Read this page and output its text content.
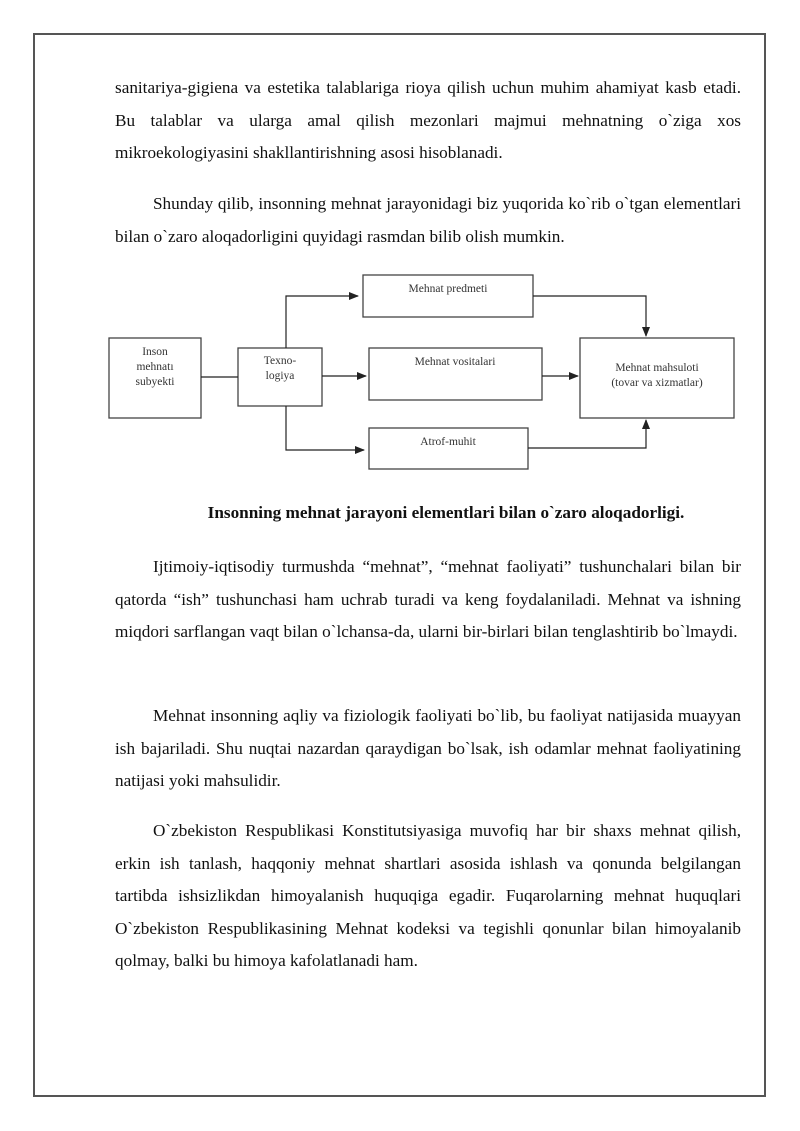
sanitariya-gigiena va estetika talablariga rioya qilish uchun muhim ahamiyat kasb etadi. Bu talablar va ularga amal qilish mezonlari majmui mehnatning o`ziga xos mikroekologiyasini shakllantirishning asosi hisoblanadi.

Shunday qilib, insonning mehnat jarayonidagi biz yuqorida ko`rib o`tgan elementlari bilan o`zaro aloqadorligini quyidagi rasmdan bilib olish mumkin.

Inson
mehnatı
subyekti
Texno-
logiya
Mehnat predmeti
Mehnat vositalari
Atrof-muhit
Mehnat mahsuloti
(tovar va xizmatlar)
Insonning mehnat jarayoni elementlari bilan o`zaro aloqadorligi.

Ijtimoiy-iqtisodiy turmushda “mehnat”, “mehnat faoliyati” tushunchalari bilan bir qatorda “ish” tushunchasi ham uchrab turadi va keng foydalaniladi. Mehnat va ishning miqdori sarflangan vaqt bilan o`lchansa-da, ularni bir-birlari bilan tenglashtirib bo`lmaydi.

Mehnat insonning aqliy va fiziologik faoliyati bo`lib, bu faoliyat natijasida muayyan ish bajariladi. Shu nuqtai nazardan qaraydigan bo`lsak, ish odamlar mehnat faoliyatining natijasi yoki mahsulidir.

O`zbekiston Respublikasi Konstitutsiyasiga muvofiq har bir shaxs mehnat qilish, erkin ish tanlash, haqqoniy mehnat shartlari asosida ishlash va qonunda belgilangan tartibda ishsizlikdan himoyalanish huquqiga egadir. Fuqarolarning mehnat huquqlari O`zbekiston Respublikasining Mehnat kodeksi va tegishli qonunlar bilan himoyalanib qolmay, balki bu himoya kafolatlanadi ham.
